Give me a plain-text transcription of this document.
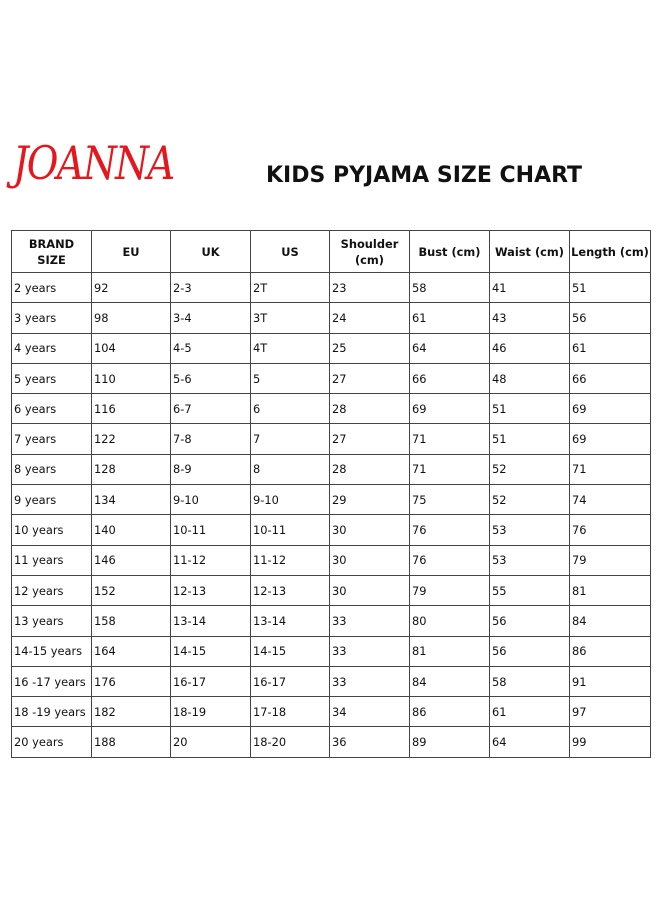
JOANNA	KIDS PYJAMA SIZE CHART
BRAND SIZE	EU	UK	US	Shoulder (cm)	Bust (cm)	Waist (cm)	Length (cm)
2 years	92	2-3	2T	23	58	41	51
3 years	98	3-4	3T	24	61	43	56
4 years	104	4-5	4T	25	64	46	61
5 years	110	5-6	5	27	66	48	66
6 years	116	6-7	6	28	69	51	69
7 years	122	7-8	7	27	71	51	69
8 years	128	8-9	8	28	71	52	71
9 years	134	9-10	9-10	29	75	52	74
10 years	140	10-11	10-11	30	76	53	76
11 years	146	11-12	11-12	30	76	53	79
12 years	152	12-13	12-13	30	79	55	81
13 years	158	13-14	13-14	33	80	56	84
14-15 years	164	14-15	14-15	33	81	56	86
16 -17 years	176	16-17	16-17	33	84	58	91
18 -19 years	182	18-19	17-18	34	86	61	97
20 years	188	20	18-20	36	89	64	99
